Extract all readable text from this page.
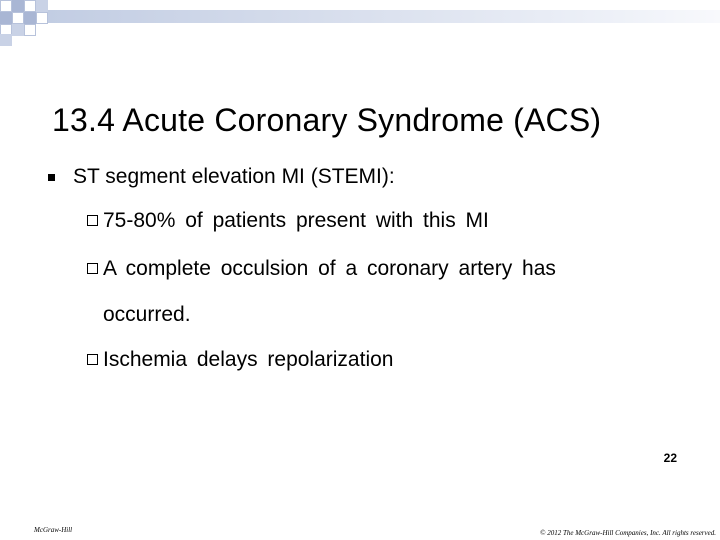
13.4 Acute Coronary Syndrome (ACS)
ST segment elevation MI (STEMI):
75-80% of patients present with this MI
A complete occulsion of a coronary artery has
occurred.
Ischemia delays repolarization
22
McGraw-Hill	© 2012 The McGraw-Hill Companies, Inc. All rights reserved.
